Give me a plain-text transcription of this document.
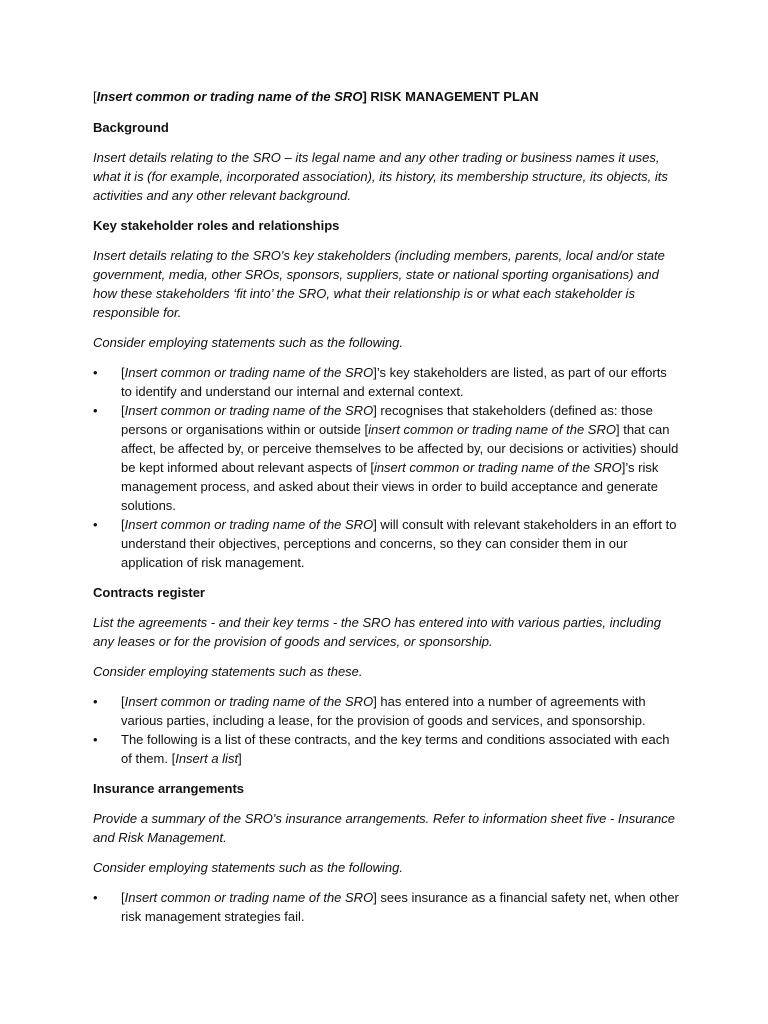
[Insert common or trading name of the SRO] RISK MANAGEMENT PLAN

Background

Insert details relating to the SRO – its legal name and any other trading or business names it uses, what it is (for example, incorporated association), its history, its membership structure, its objects, its activities and any other relevant background.

Key stakeholder roles and relationships

Insert details relating to the SRO's key stakeholders (including members, parents, local and/or state government, media, other SROs, sponsors, suppliers, state or national sporting organisations) and how these stakeholders ‘fit into’ the SRO, what their relationship is or what each stakeholder is responsible for.

Consider employing statements such as the following.

• [Insert common or trading name of the SRO]’s key stakeholders are listed, as part of our efforts to identify and understand our internal and external context.
• [Insert common or trading name of the SRO] recognises that stakeholders (defined as: those persons or organisations within or outside [insert common or trading name of the SRO] that can affect, be affected by, or perceive themselves to be affected by, our decisions or activities) should be kept informed about relevant aspects of [insert common or trading name of the SRO]’s risk management process, and asked about their views in order to build acceptance and generate solutions.
• [Insert common or trading name of the SRO] will consult with relevant stakeholders in an effort to understand their objectives, perceptions and concerns, so they can consider them in our application of risk management.

Contracts register

List the agreements - and their key terms - the SRO has entered into with various parties, including any leases or for the provision of goods and services, or sponsorship.

Consider employing statements such as these.

• [Insert common or trading name of the SRO] has entered into a number of agreements with various parties, including a lease, for the provision of goods and services, and sponsorship.
• The following is a list of these contracts, and the key terms and conditions associated with each of them. [Insert a list]

Insurance arrangements

Provide a summary of the SRO's insurance arrangements. Refer to information sheet five - Insurance and Risk Management.

Consider employing statements such as the following.

• [Insert common or trading name of the SRO] sees insurance as a financial safety net, when other risk management strategies fail.
